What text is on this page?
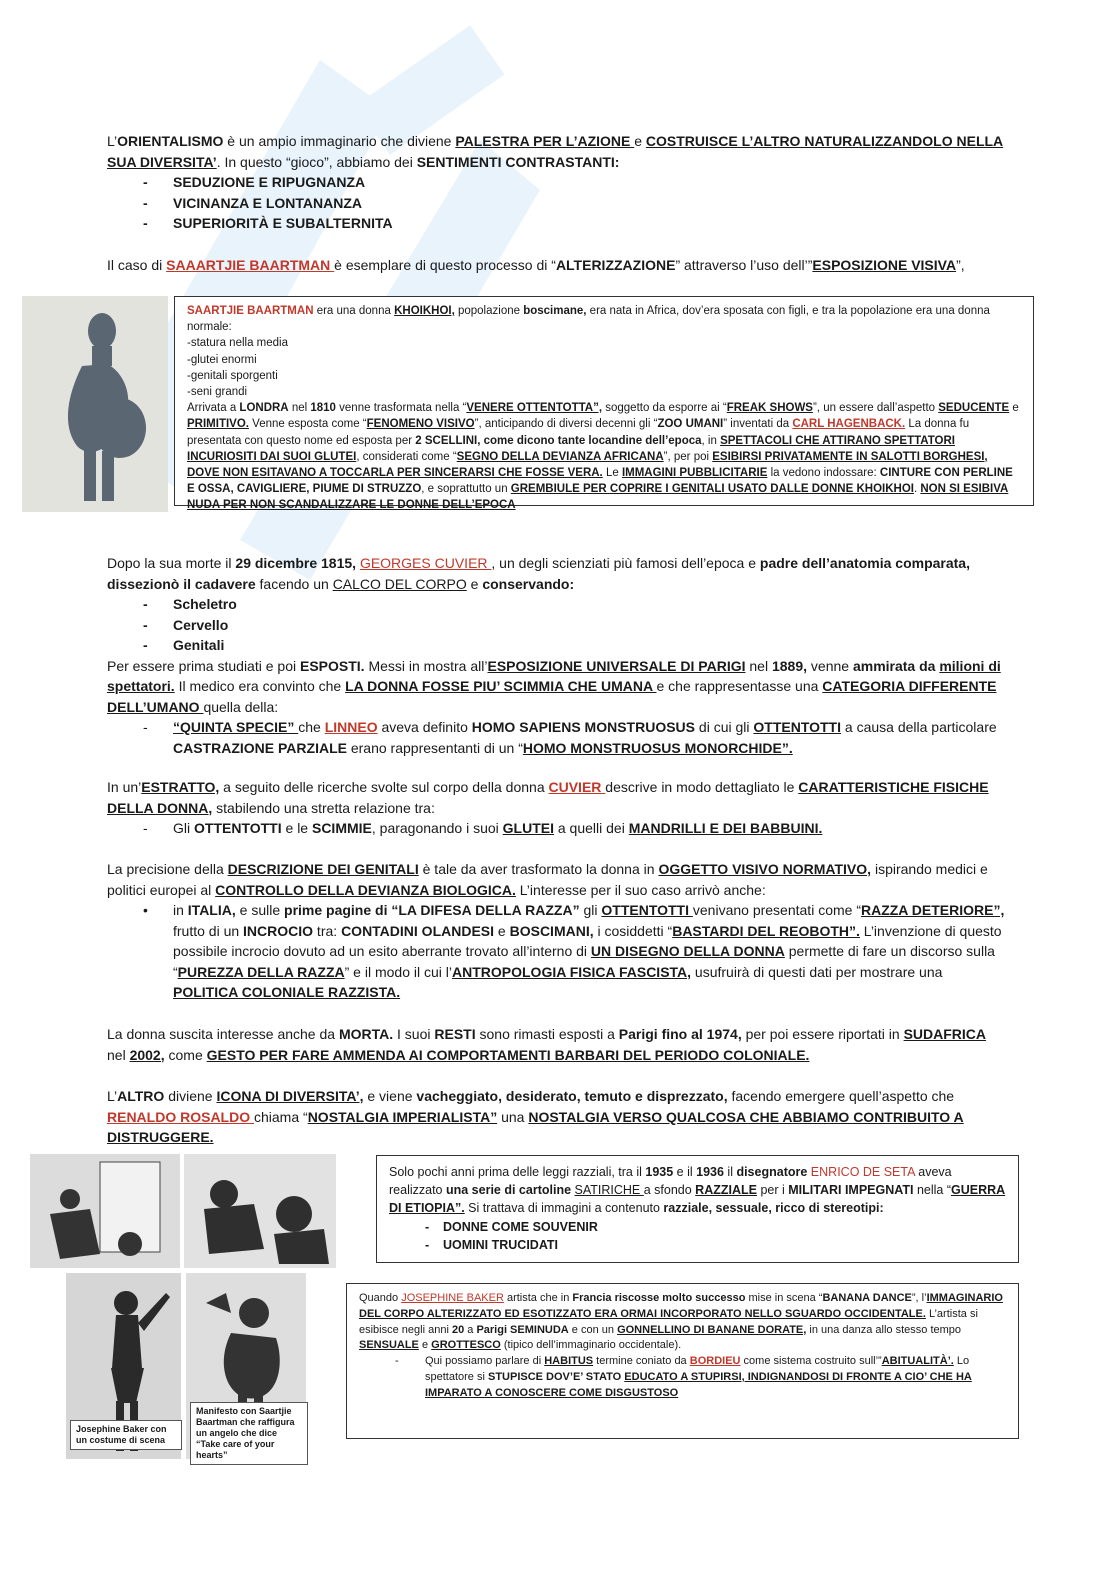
L’ORIENTALISMO è un ampio immaginario che diviene PALESTRA PER L’AZIONE e COSTRUISCE L’ALTRO NATURALIZZANDOLO NELLA SUA DIVERSITA’. In questo “gioco”, abbiamo dei SENTIMENTI CONTRASTANTI:
- SEDUZIONE E RIPUGNANZA
- VICINANZA E LONTANANZA
- SUPERIORITÀ E SUBALTERNITA
Il caso di SAAARTJIE BAARTMAN è esemplare di questo processo di “ALTERIZZAZIONE” attraverso l’uso dell’”ESPOSIZIONE VISIVA”,
SAARTJIE BAARTMAN era una donna KHOIKHOI, popolazione boscimane, era nata in Africa, dov’era sposata con figli, e tra la popolazione era una donna normale:
-statura nella media
-glutei enormi
-genitali sporgenti
-seni grandi
Arrivata a LONDRA nel 1810 venne trasformata nella “VENERE OTTENTOTTA”, soggetto da esporre ai “FREAK SHOWS”, un essere dall’aspetto SEDUCENTE e PRIMITIVO. Venne esposta come “FENOMENO VISIVO”, anticipando di diversi decenni gli “ZOO UMANI” inventati da CARL HAGENBACK. La donna fu presentata con questo nome ed esposta per 2 SCELLINI, come dicono tante locandine dell’epoca, in SPETTACOLI CHE ATTIRANO SPETTATORI INCURIOSITI DAI SUOI GLUTEI, considerati come “SEGNO DELLA DEVIANZA AFRICANA”, per poi ESIBIRSI PRIVATAMENTE IN SALOTTI BORGHESI, DOVE NON ESITAVANO A TOCCARLA PER SINCERARSI CHE FOSSE VERA. Le IMMAGINI PUBBLICITARIE la vedono indossare: CINTURE CON PERLINE E OSSA, CAVIGLIERE, PIUME DI STRUZZO, e soprattutto un GREMBIULE PER COPRIRE I GENITALI USATO DALLE DONNE KHOIKHOI. NON SI ESIBIVA NUDA PER NON SCANDALIZZARE LE DONNE DELL’EPOCA
Dopo la sua morte il 29 dicembre 1815, GEORGES CUVIER , un degli scienziati più famosi dell’epoca e padre dell’anatomia comparata, dissezionò il cadavere facendo un CALCO DEL CORPO e conservando:
- Scheletro
- Cervello
- Genitali
Per essere prima studiati e poi ESPOSTI. Messi in mostra all’ESPOSIZIONE UNIVERSALE DI PARIGI nel 1889, venne ammirata da milioni di spettatori. Il medico era convinto che LA DONNA FOSSE PIU’ SCIMMIA CHE UMANA e che rappresentasse una CATEGORIA DIFFERENTE DELL’UMANO quella della:
- “QUINTA SPECIE” che LINNEO aveva definito HOMO SAPIENS MONSTRUOSUS di cui gli OTTENTOTTI a causa della particolare CASTRAZIONE PARZIALE erano rappresentanti di un “HOMO MONSTRUOSUS MONORCHIDE”.
In un’ESTRATTO, a seguito delle ricerche svolte sul corpo della donna CUVIER descrive in modo dettagliato le CARATTERISTICHE FISICHE DELLA DONNA, stabilendo una stretta relazione tra:
- Gli OTTENTOTTI e le SCIMMIE, paragonando i suoi GLUTEI a quelli dei MANDRILLI E DEI BABBUINI.
La precisione della DESCRIZIONE DEI GENITALI è tale da aver trasformato la donna in OGGETTO VISIVO NORMATIVO, ispirando medici e politici europei al CONTROLLO DELLA DEVIANZA BIOLOGICA. L’interesse per il suo caso arrivò anche:
• in ITALIA, e sulle prime pagine di “LA DIFESA DELLA RAZZA” gli OTTENTOTTI venivano presentati come “RAZZA DETERIORE”, frutto di un INCROCIO tra: CONTADINI OLANDESI e BOSCIMANI, i cosiddetti “BASTARDI DEL REOBOTH”. L’invenzione di questo possibile incrocio dovuto ad un esito aberrante trovato all’interno di UN DISEGNO DELLA DONNA permette di fare un discorso sulla “PUREZZA DELLA RAZZA” e il modo il cui l’ANTROPOLOGIA FISICA FASCISTA, usufruirà di questi dati per mostrare una POLITICA COLONIALE RAZZISTA.
La donna suscita interesse anche da MORTA. I suoi RESTI sono rimasti esposti a Parigi fino al 1974, per poi essere riportati in SUDAFRICA nel 2002, come GESTO PER FARE AMMENDA AI COMPORTAMENTI BARBARI DEL PERIODO COLONIALE.
L’ALTRO diviene ICONA DI DIVERSITA’, e viene vacheggiato, desiderato, temuto e disprezzato, facendo emergere quell’aspetto che RENALDO ROSALDO chiama “NOSTALGIA IMPERIALISTA” una NOSTALGIA VERSO QUALCOSA CHE ABBIAMO CONTRIBUITO A DISTRUGGERE.
Solo pochi anni prima delle leggi razziali, tra il 1935 e il 1936 il disegnatore ENRICO DE SETA aveva realizzato una serie di cartoline SATIRICHE a sfondo RAZZIALE per i MILITARI IMPEGNATI nella “GUERRA DI ETIOPIA”. Si trattava di immagini a contenuto razziale, sessuale, ricco di stereotipi:
- DONNE COME SOUVENIR
- UOMINI TRUCIDATI
Josephine Baker con un costume di scena
Manifesto con Saartjie Baartman che raffigura un angelo che dice “Take care of your hearts”
Quando JOSEPHINE BAKER artista che in Francia riscosse molto successo mise in scena “BANANA DANCE”, l’IMMAGINARIO DEL CORPO ALTERIZZATO ED ESOTIZZATO ERA ORMAI INCORPORATO NELLO SGUARDO OCCIDENTALE. L’artista si esibisce negli anni 20 a Parigi SEMINUDA e con un GONNELLINO DI BANANE DORATE, in una danza allo stesso tempo SENSUALE e GROTTESCO (tipico dell’immaginario occidentale).
- Qui possiamo parlare di HABITUS termine coniato da BORDIEU come sistema costruito sull’”ABITUALITÀ’. Lo spettatore si STUPISCE DOV’E’ STATO EDUCATO A STUPIRSI, INDIGNANDOSI DI FRONTE A CIO’ CHE HA IMPARATO A CONOSCERE COME DISGUSTOSO
